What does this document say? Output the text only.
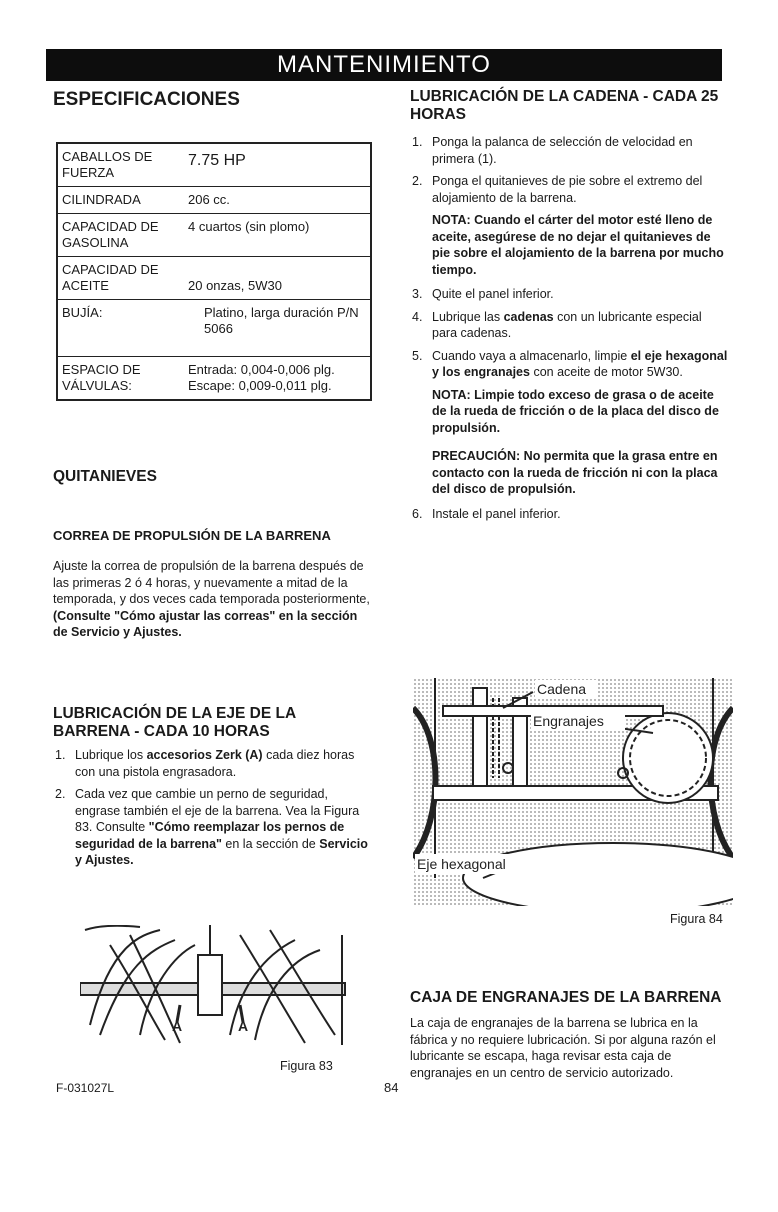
MANTENIMIENTO
ESPECIFICACIONES
CABALLOS DE FUERZA	7.75 HP
CILINDRADA	206 cc.
CAPACIDAD DE GASOLINA	4 cuartos (sin plomo)
CAPACIDAD DE ACEITE	20 onzas, 5W30
BUJÍA:	Platino, larga duración P/N 5066
ESPACIO DE VÁLVULAS:	Entrada: 0,004-0,006 plg. Escape: 0,009-0,011 plg.
QUITANIEVES
CORREA DE PROPULSIÓN DE LA BARRENA

Ajuste la correa de propulsión de la barrena después de las primeras 2 ó 4 horas, y nuevamente a mitad de la temporada, y dos veces cada temporada posteriormente,

(Consulte "Cómo ajustar las correas" en la sección de Servicio y Ajustes.

LUBRICACIÓN DE LA EJE DE LA BARRENA - CADA 10 HORAS
1. Lubrique los accesorios Zerk (A) cada diez horas con una pistola engrasadora.
2. Cada vez que cambie un perno de seguridad, engrase también el eje de la barrena. Vea la Figura 83. Consulte "Cómo reemplazar los pernos de seguridad de la barrena" en la sección de Servicio y Ajustes.
A	A
Figura 83
F-031027L	84
LUBRICACIÓN DE LA CADENA - CADA 25 HORAS
1. Ponga la palanca de selección de velocidad en primera (1).
2. Ponga el quitanieves de pie sobre el extremo del alojamiento de la barrena.

NOTA: Cuando el cárter del motor esté lleno de aceite, asegúrese de no dejar el quitanieves de pie sobre el alojamiento de la barrena por mucho tiempo.

3. Quite el panel inferior.
4. Lubrique las cadenas con un lubricante especial para cadenas.
5. Cuando vaya a almacenarlo, limpie el eje hexagonal y los engranajes con aceite de motor 5W30.

NOTA: Limpie todo exceso de grasa o de aceite de la rueda de fricción o de la placa del disco de propulsión.

PRECAUCIÓN: No permita que la grasa entre en contacto con la rueda de fricción ni con la placa del disco de propulsión.

6. Instale el panel inferior.
Cadena
Engranajes
Eje hexagonal
Figura 84
CAJA DE ENGRANAJES DE LA BARRENA

La caja de engranajes de la barrena se lubrica en la fábrica y no requiere lubricación. Si por alguna razón el lubricante se escapa, haga revisar esta caja de engranajes en un centro de servicio autorizado.
